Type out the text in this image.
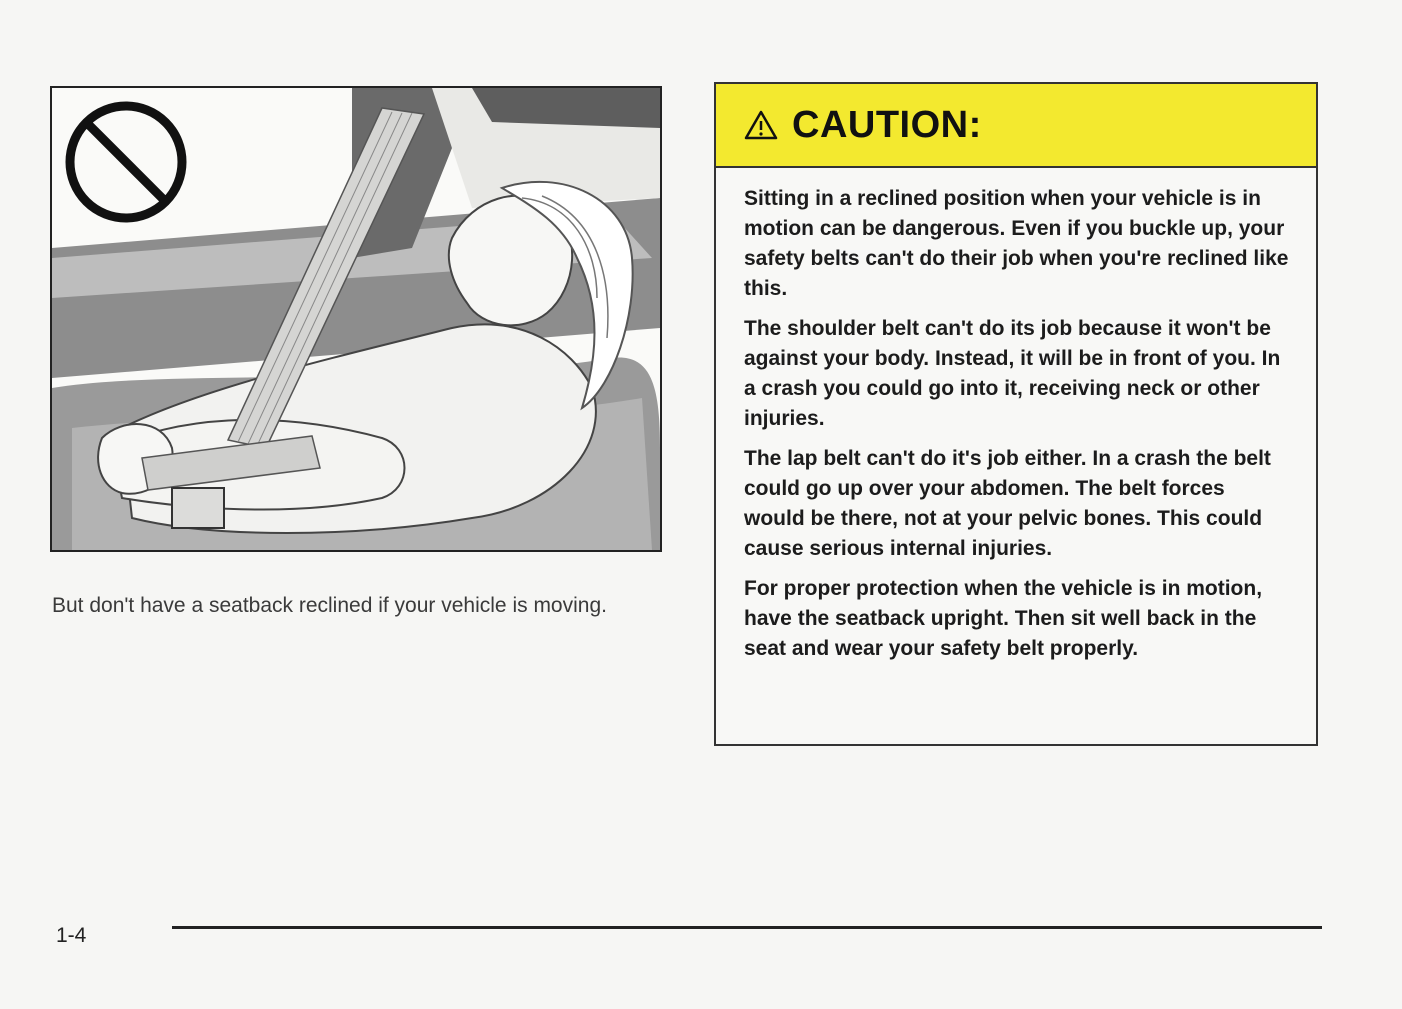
But don't have a seatback reclined if your vehicle is moving.

CAUTION:

Sitting in a reclined position when your vehicle is in motion can be dangerous. Even if you buckle up, your safety belts can't do their job when you're reclined like this.

The shoulder belt can't do its job because it won't be against your body. Instead, it will be in front of you. In a crash you could go into it, receiving neck or other injuries.

The lap belt can't do it's job either. In a crash the belt could go up over your abdomen. The belt forces would be there, not at your pelvic bones. This could cause serious internal injuries.

For proper protection when the vehicle is in motion, have the seatback upright. Then sit well back in the seat and wear your safety belt properly.

1-4
